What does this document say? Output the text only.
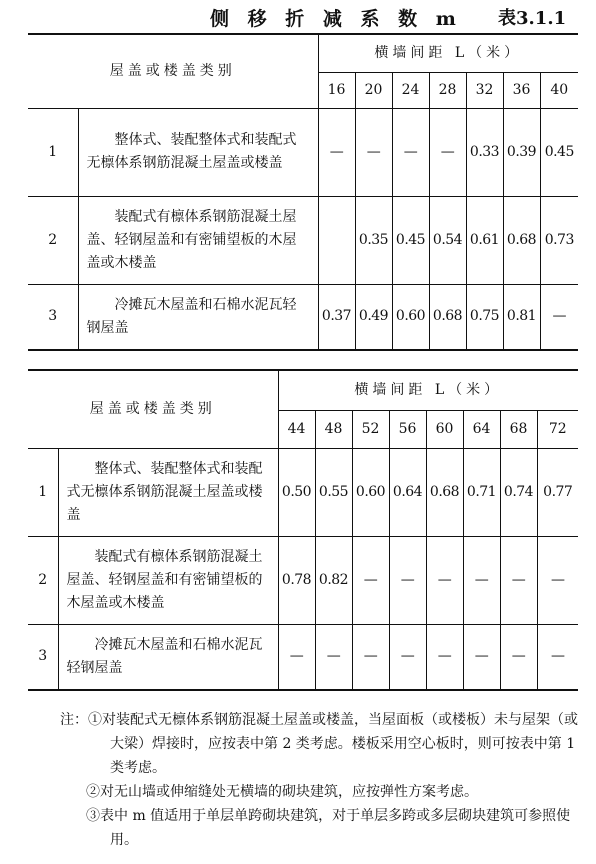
侧 移 折 减 系 数 m 表3.1.1
屋盖或楼盖类别		横墙间距 L（米）						
		16	20	24	28	32	36	40
1	整体式、装配整体式和装配式无檩体系钢筋混凝土屋盖或楼盖	—	—	—	—	0.33	0.39	0.45
2	装配式有檩体系钢筋混凝土屋盖、轻钢屋盖和有密铺望板的木屋盖或木楼盖		0.35	0.45	0.54	0.61	0.68	0.73
3	冷摊瓦木屋盖和石棉水泥瓦轻钢屋盖	0.37	0.49	0.60	0.68	0.75	0.81	—
屋盖或楼盖类别		横墙间距 L（米）							
		44	48	52	56	60	64	68	72
1	整体式、装配整体式和装配式无檩体系钢筋混凝土屋盖或楼盖	0.50	0.55	0.60	0.64	0.68	0.71	0.74	0.77
2	装配式有檩体系钢筋混凝土屋盖、轻钢屋盖和有密铺望板的木屋盖或木楼盖	0.78	0.82	—	—	—	—	—	—
3	冷摊瓦木屋盖和石棉水泥瓦轻钢屋盖	—	—	—	—	—	—	—	—
注：①对装配式无檩体系钢筋混凝土屋盖或楼盖，当屋面板（或楼板）未与屋架（或大梁）焊接时，应按表中第 2 类考虑。楼板采用空心板时，则可按表中第 1 类考虑。
②对无山墙或伸缩缝处无横墙的砌块建筑，应按弹性方案考虑。
③表中 m 值适用于单层单跨砌块建筑，对于单层多跨或多层砌块建筑可参照使用。
